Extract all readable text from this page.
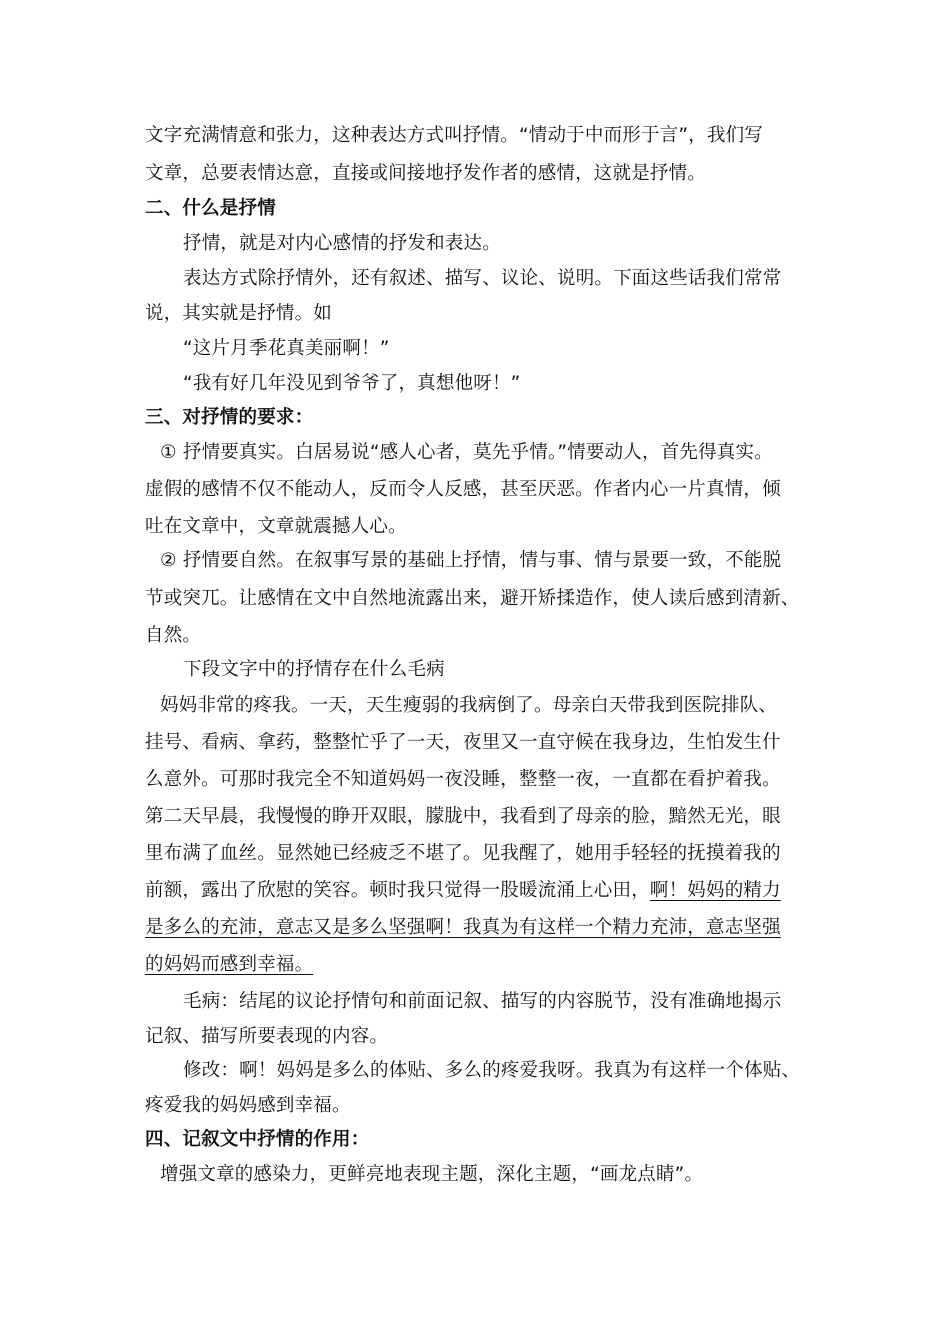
文字充满情意和张力，这种表达方式叫抒情。“情动于中而形于言”，我们写
文章，总要表情达意，直接或间接地抒发作者的感情，这就是抒情。
二、什么是抒情
抒情，就是对内心感情的抒发和表达。
表达方式除抒情外，还有叙述、描写、议论、说明。下面这些话我们常常
说，其实就是抒情。如
“这片月季花真美丽啊！”
“我有好几年没见到爷爷了，真想他呀！”
三、对抒情的要求：
① 抒情要真实。白居易说“感人心者，莫先乎情。”情要动人，首先得真实。
虚假的感情不仅不能动人，反而令人反感，甚至厌恶。作者内心一片真情，倾
吐在文章中，文章就震撼人心。
② 抒情要自然。在叙事写景的基础上抒情，情与事、情与景要一致，不能脱
节或突兀。让感情在文中自然地流露出来，避开矫揉造作，使人读后感到清新、
自然。
下段文字中的抒情存在什么毛病
妈妈非常的疼我。一天，天生瘦弱的我病倒了。母亲白天带我到医院排队、
挂号、看病、拿药，整整忙乎了一天，夜里又一直守候在我身边，生怕发生什
么意外。可那时我完全不知道妈妈一夜没睡，整整一夜，一直都在看护着我。
第二天早晨，我慢慢的睁开双眼，朦胧中，我看到了母亲的脸，黯然无光，眼
里布满了血丝。显然她已经疲乏不堪了。见我醒了，她用手轻轻的抚摸着我的
前额，露出了欣慰的笑容。顿时我只觉得一股暖流涌上心田，啊！妈妈的精力
是多么的充沛，意志又是多么坚强啊！我真为有这样一个精力充沛，意志坚强
的妈妈而感到幸福。
毛病：结尾的议论抒情句和前面记叙、描写的内容脱节，没有准确地揭示
记叙、描写所要表现的内容。
修改：啊！妈妈是多么的体贴、多么的疼爱我呀。我真为有这样一个体贴、
疼爱我的妈妈感到幸福。
四、记叙文中抒情的作用：
增强文章的感染力，更鲜亮地表现主题，深化主题，“画龙点睛”。
